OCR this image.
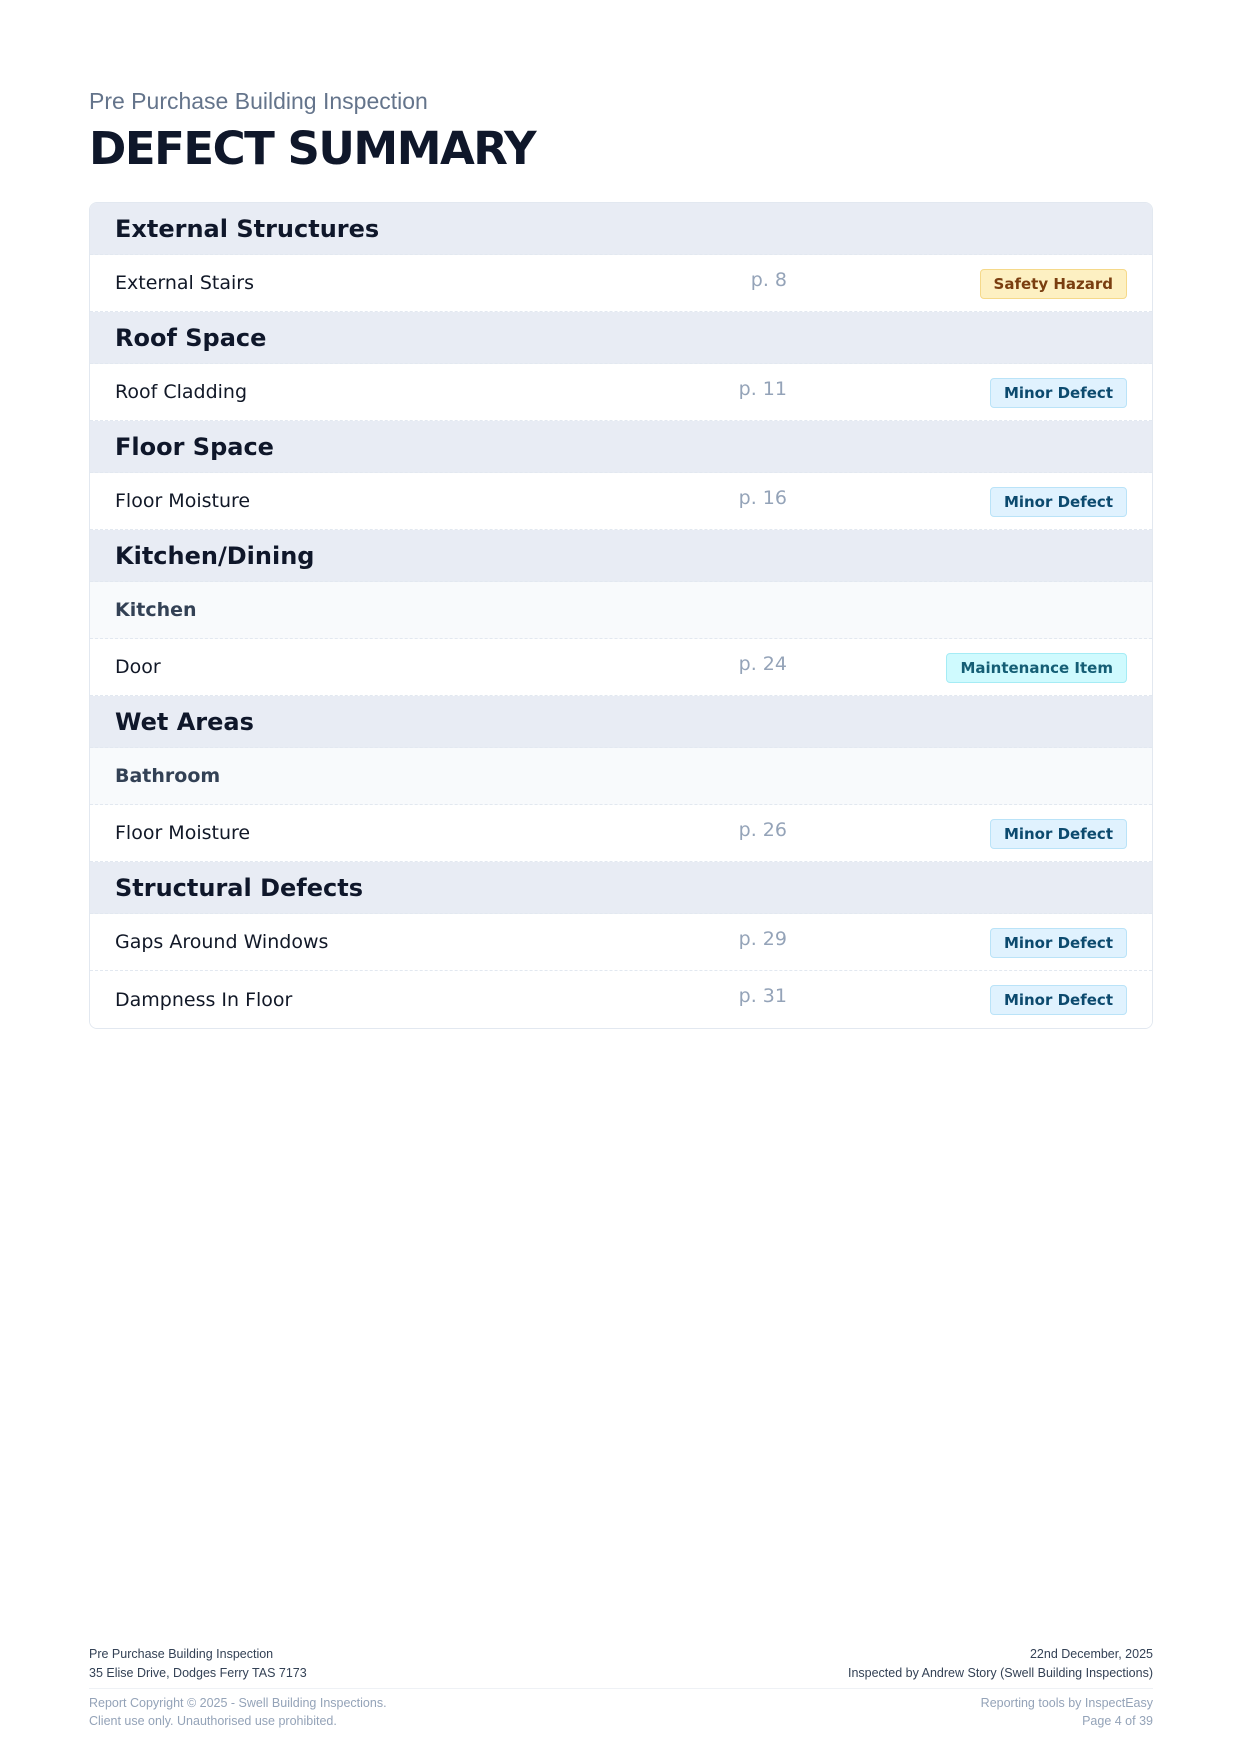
Pre Purchase Building Inspection
DEFECT SUMMARY
External Structures
External Stairs	p. 8	Safety Hazard
Roof Space
Roof Cladding	p. 11	Minor Defect
Floor Space
Floor Moisture	p. 16	Minor Defect
Kitchen/Dining
Kitchen
Door	p. 24	Maintenance Item
Wet Areas
Bathroom
Floor Moisture	p. 26	Minor Defect
Structural Defects
Gaps Around Windows	p. 29	Minor Defect
Dampness In Floor	p. 31	Minor Defect
Pre Purchase Building Inspection
35 Elise Drive, Dodges Ferry TAS 7173
22nd December, 2025
Inspected by Andrew Story (Swell Building Inspections)
Report Copyright © 2025 - Swell Building Inspections.
Client use only. Unauthorised use prohibited.
Reporting tools by InspectEasy
Page 4 of 39
